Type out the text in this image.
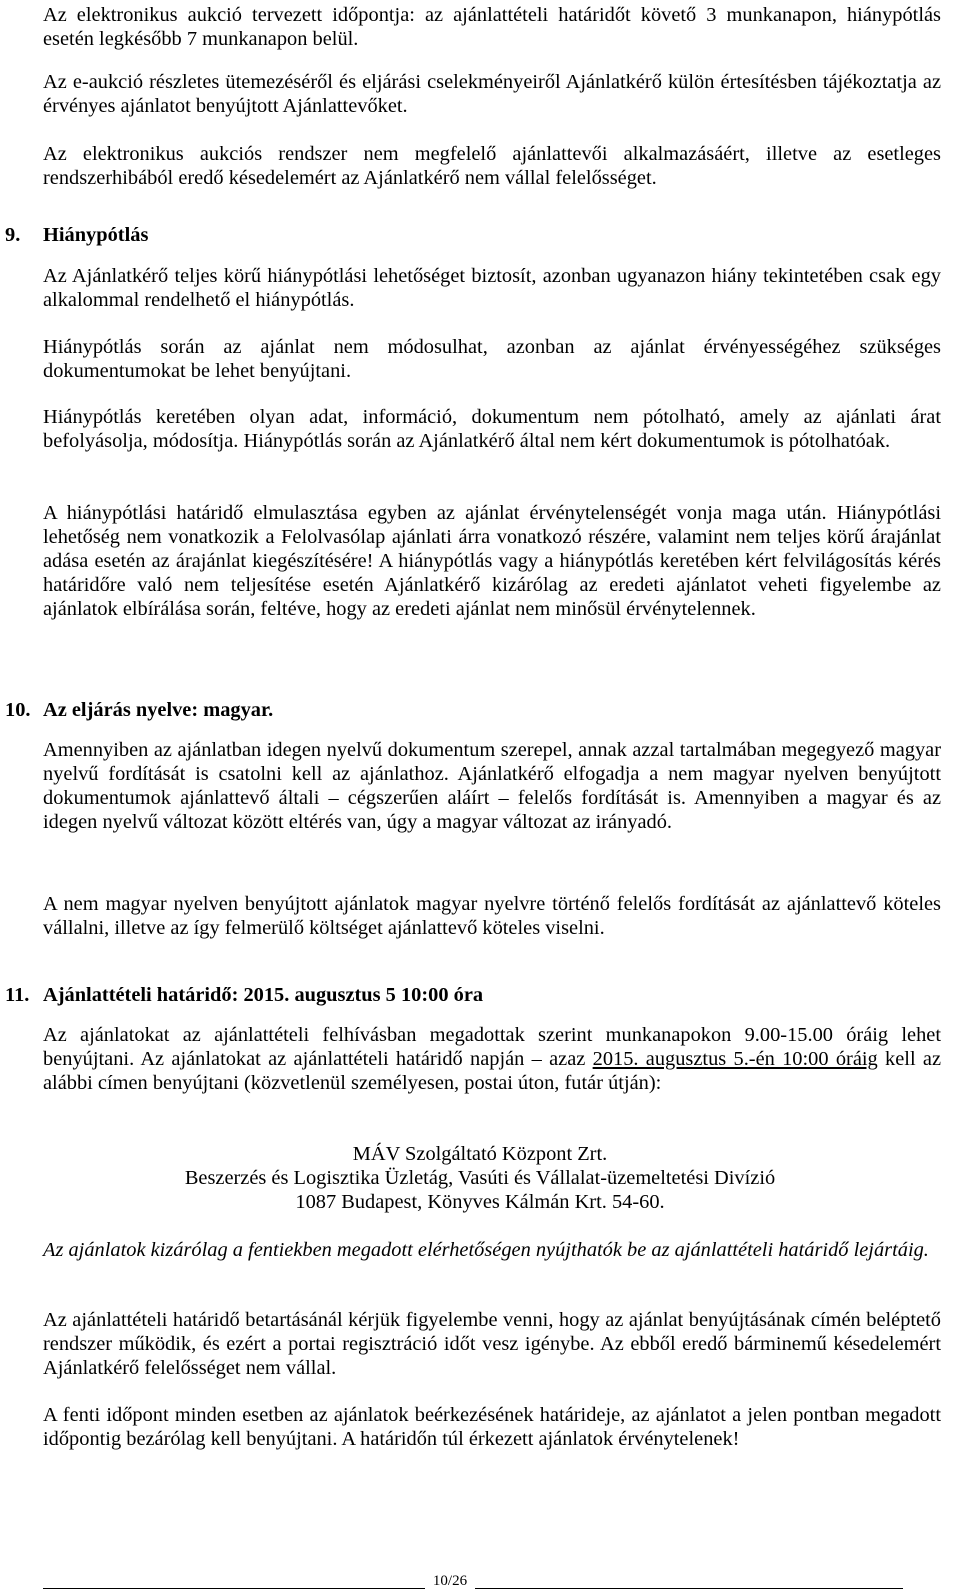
Az elektronikus aukció tervezett időpontja: az ajánlattételi határidőt követő 3 munkanapon, hiánypótlás esetén legkésőbb 7 munkanapon belül.

Az e-aukció részletes ütemezéséről és eljárási cselekményeiről Ajánlatkérő külön értesítésben tájékoztatja az érvényes ajánlatot benyújtott Ajánlattevőket.

Az elektronikus aukciós rendszer nem megfelelő ajánlattevői alkalmazásáért, illetve az esetleges rendszerhibából eredő késedelemért az Ajánlatkérő nem vállal felelősséget.

9. Hiánypótlás

Az Ajánlatkérő teljes körű hiánypótlási lehetőséget biztosít, azonban ugyanazon hiány tekintetében csak egy alkalommal rendelhető el hiánypótlás.

Hiánypótlás során az ajánlat nem módosulhat, azonban az ajánlat érvényességéhez szükséges dokumentumokat be lehet benyújtani.

Hiánypótlás keretében olyan adat, információ, dokumentum nem pótolható, amely az ajánlati árat befolyásolja, módosítja. Hiánypótlás során az Ajánlatkérő által nem kért dokumentumok is pótolhatóak.

A hiánypótlási határidő elmulasztása egyben az ajánlat érvénytelenségét vonja maga után. Hiánypótlási lehetőség nem vonatkozik a Felolvasólap ajánlati árra vonatkozó részére, valamint nem teljes körű árajánlat adása esetén az árajánlat kiegészítésére! A hiánypótlás vagy a hiánypótlás keretében kért felvilágosítás kérés határidőre való nem teljesítése esetén Ajánlatkérő kizárólag az eredeti ajánlatot veheti figyelembe az ajánlatok elbírálása során, feltéve, hogy az eredeti ajánlat nem minősül érvénytelennek.

10. Az eljárás nyelve: magyar.

Amennyiben az ajánlatban idegen nyelvű dokumentum szerepel, annak azzal tartalmában megegyező magyar nyelvű fordítását is csatolni kell az ajánlathoz. Ajánlatkérő elfogadja a nem magyar nyelven benyújtott dokumentumok ajánlattevő általi – cégszerűen aláírt – felelős fordítását is. Amennyiben a magyar és az idegen nyelvű változat között eltérés van, úgy a magyar változat az irányadó.

A nem magyar nyelven benyújtott ajánlatok magyar nyelvre történő felelős fordítását az ajánlattevő köteles vállalni, illetve az így felmerülő költséget ajánlattevő köteles viselni.

11. Ajánlattételi határidő: 2015. augusztus 5 10:00 óra

Az ajánlatokat az ajánlattételi felhívásban megadottak szerint munkanapokon 9.00-15.00 óráig lehet benyújtani. Az ajánlatokat az ajánlattételi határidő napján – azaz 2015. augusztus 5.-én 10:00 óráig kell az alábbi címen benyújtani (közvetlenül személyesen, postai úton, futár útján):

MÁV Szolgáltató Központ Zrt.

Beszerzés és Logisztika Üzletág, Vasúti és Vállalat-üzemeltetési Divízió

1087 Budapest, Könyves Kálmán Krt. 54-60.

Az ajánlatok kizárólag a fentiekben megadott elérhetőségen nyújthatók be az ajánlattételi határidő lejártáig.

Az ajánlattételi határidő betartásánál kérjük figyelembe venni, hogy az ajánlat benyújtásának címén beléptető rendszer működik, és ezért a portai regisztráció időt vesz igénybe. Az ebből eredő bárminemű késedelemért Ajánlatkérő felelősséget nem vállal.

A fenti időpont minden esetben az ajánlatok beérkezésének határideje, az ajánlatot a jelen pontban megadott időpontig bezárólag kell benyújtani. A határidőn túl érkezett ajánlatok érvénytelenek!

10/26
